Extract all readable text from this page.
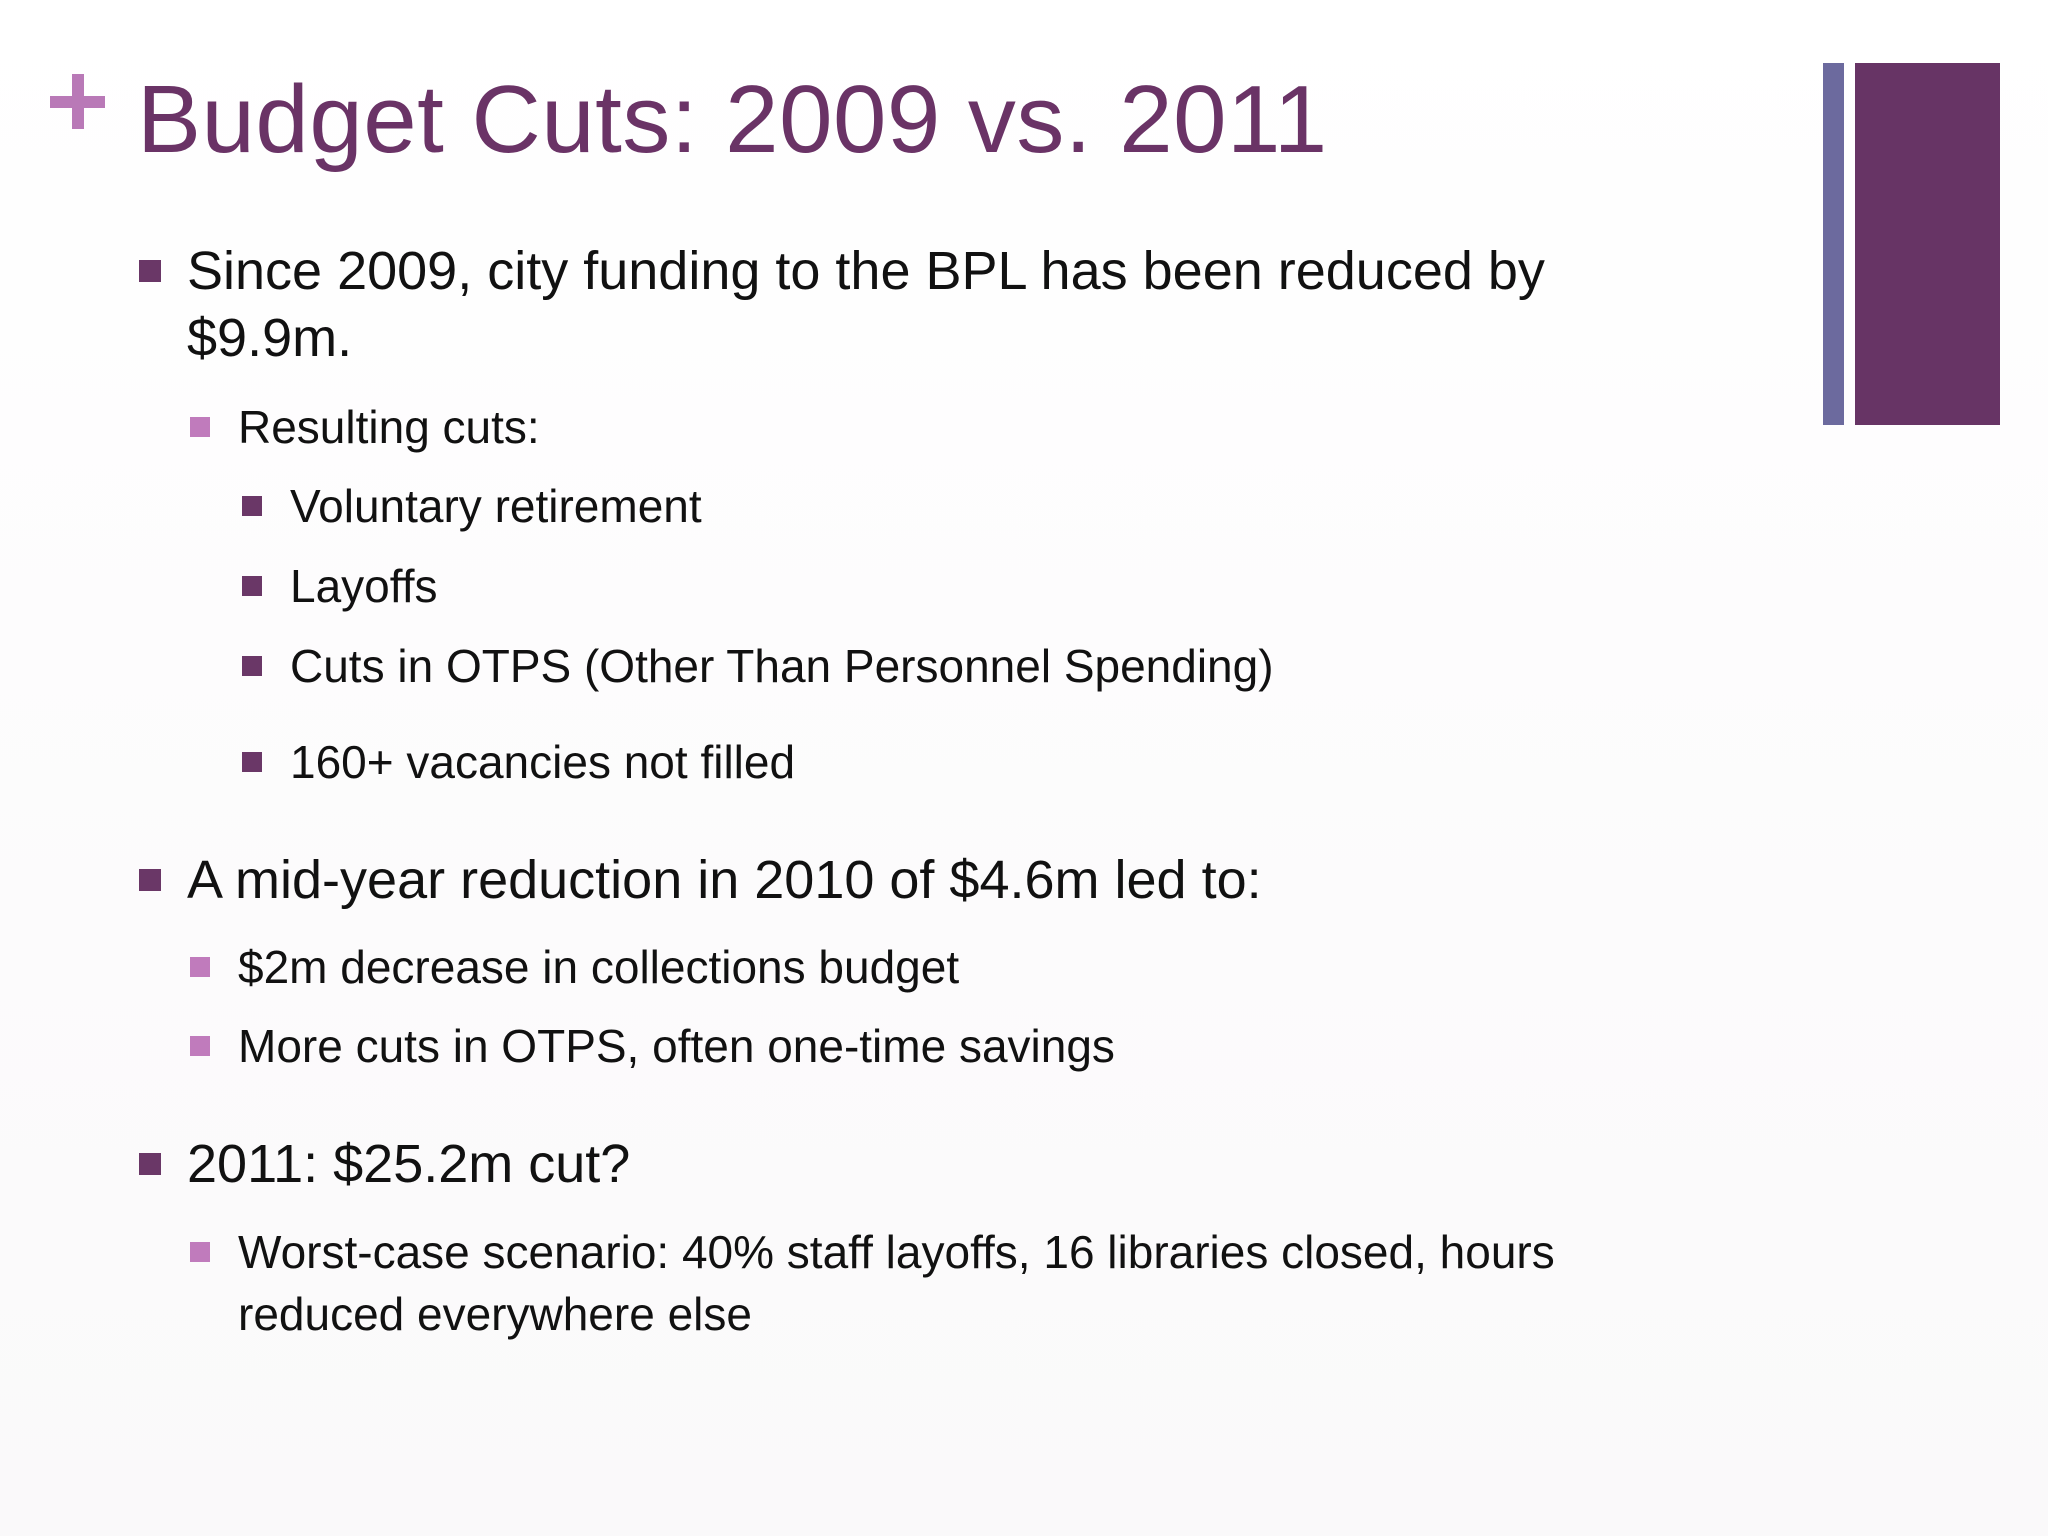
Budget Cuts: 2009 vs. 2011
Since 2009, city funding to the BPL has been reduced by
$9.9m.
Resulting cuts:
Voluntary retirement
Layoffs
Cuts in OTPS (Other Than Personnel Spending)
160+ vacancies not filled
A mid-year reduction in 2010 of $4.6m led to:
$2m decrease in collections budget
More cuts in OTPS, often one-time savings
2011: $25.2m cut?
Worst-case scenario: 40% staff layoffs, 16 libraries closed, hours
reduced everywhere else
